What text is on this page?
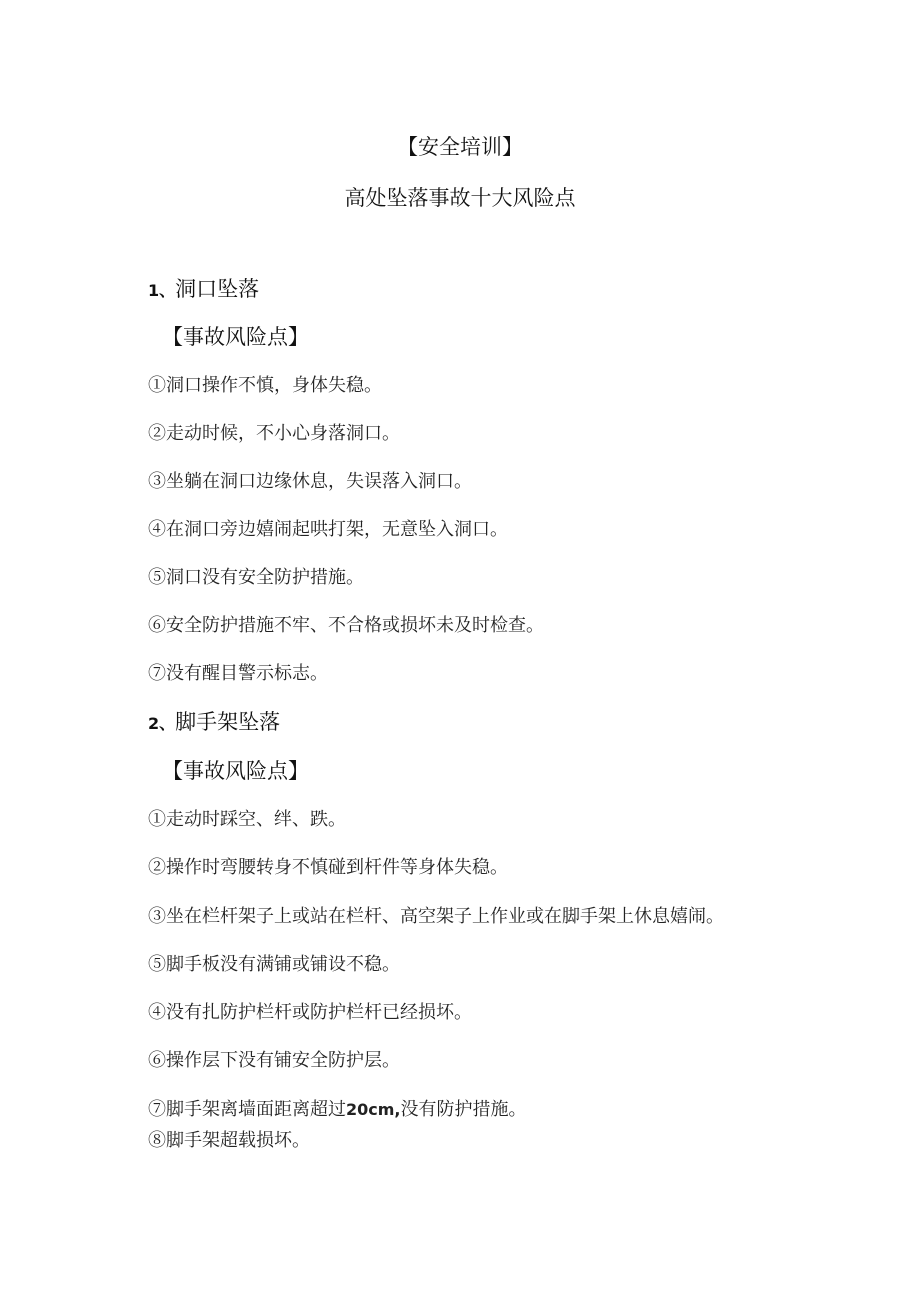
【安全培训】
高处坠落事故十大风险点
1、洞口坠落
【事故风险点】
①洞口操作不慎，身体失稳。
②走动时候，不小心身落洞口。
③坐躺在洞口边缘休息，失误落入洞口。
④在洞口旁边嬉闹起哄打架，无意坠入洞口。
⑤洞口没有安全防护措施。
⑥安全防护措施不牢、不合格或损坏未及时检查。
⑦没有醒目警示标志。
2、脚手架坠落
【事故风险点】
①走动时踩空、绊、跌。
②操作时弯腰转身不慎碰到杆件等身体失稳。
③坐在栏杆架子上或站在栏杆、高空架子上作业或在脚手架上休息嬉闹。
⑤脚手板没有满铺或铺设不稳。
④没有扎防护栏杆或防护栏杆已经损坏。
⑥操作层下没有铺安全防护层。
⑦脚手架离墙面距离超过20cm,没有防护措施。
⑧脚手架超载损坏。
